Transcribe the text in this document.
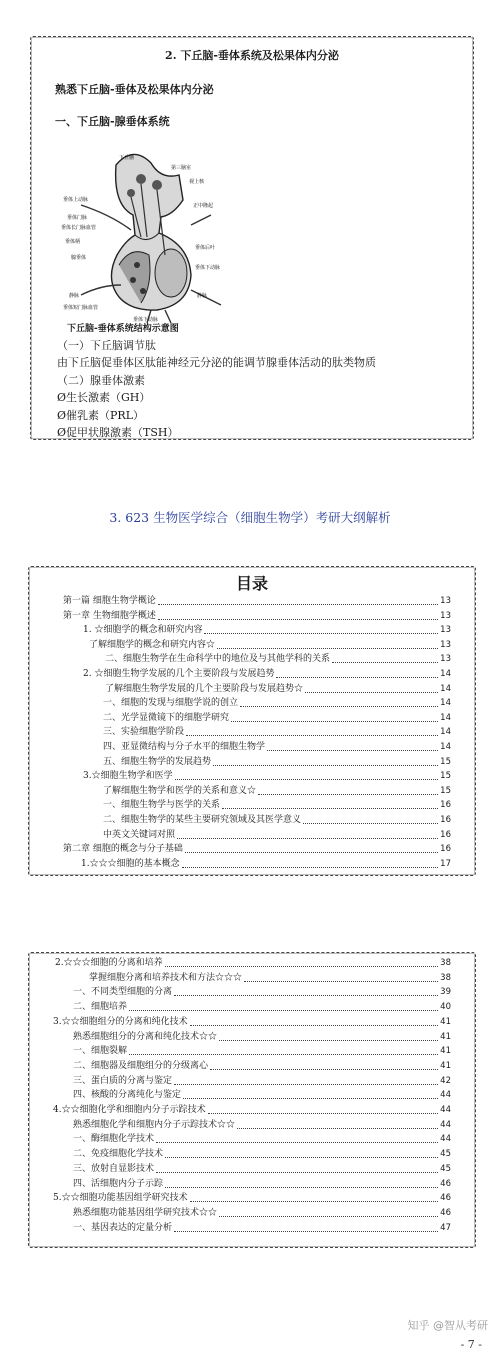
2. 下丘脑-垂体系统及松果体内分泌
熟悉下丘脑-垂体及松果体内分泌
一、下丘脑-腺垂体系统
下丘脑
第三脑室
视上核
正中隆起
垂体上动脉
垂体门脉
垂体长门脉血管
垂体柄
垂体后叶
腺垂体
垂体下动脉
静脉	静脉
垂体短门脉血管
垂体下动脉
下丘脑-垂体系统结构示意图
（一）下丘脑调节肽
由下丘脑促垂体区肽能神经元分泌的能调节腺垂体活动的肽类物质
（二）腺垂体激素
Ø生长激素（GH）
Ø催乳素（PRL）
Ø促甲状腺激素（TSH）
3. 623 生物医学综合（细胞生物学）考研大纲解析
目录
第一篇 细胞生物学概论	13
第一章 生物细胞学概述	13
1. ☆细胞学的概念和研究内容	13
了解细胞学的概念和研究内容☆	13
二、细胞生物学在生命科学中的地位及与其他学科的关系	13
2. ☆细胞生物学发展的几个主要阶段与发展趋势	14
了解细胞生物学发展的几个主要阶段与发展趋势☆	14
一、细胞的发现与细胞学说的创立	14
二、光学显微镜下的细胞学研究	14
三、实验细胞学阶段	14
四、亚显微结构与分子水平的细胞生物学	14
五、细胞生物学的发展趋势	15
3.☆细胞生物学和医学	15
了解细胞生物学和医学的关系和意义☆	15
一、细胞生物学与医学的关系	16
二、细胞生物学的某些主要研究领域及其医学意义	16
中英文关键词对照	16
第二章 细胞的概念与分子基础	16
1.☆☆☆细胞的基本概念	17
2.☆☆☆细胞的分离和培养	38
掌握细胞分离和培养技术和方法☆☆☆	38
一、不同类型细胞的分离	39
二、细胞培养	40
3.☆☆细胞组分的分离和纯化技术	41
熟悉细胞组分的分离和纯化技术☆☆	41
一、细胞裂解	41
二、细胞器及细胞组分的分级离心	41
三、蛋白质的分离与鉴定	42
四、核酸的分离纯化与鉴定	44
4.☆☆细胞化学和细胞内分子示踪技术	44
熟悉细胞化学和细胞内分子示踪技术☆☆	44
一、酶细胞化学技术	44
二、免疫细胞化学技术	45
三、放射自显影技术	45
四、活细胞内分子示踪	46
5.☆☆细胞功能基因组学研究技术	46
熟悉细胞功能基因组学研究技术☆☆	46
一、基因表达的定量分析	47
知乎 @智从考研
- 7 -
